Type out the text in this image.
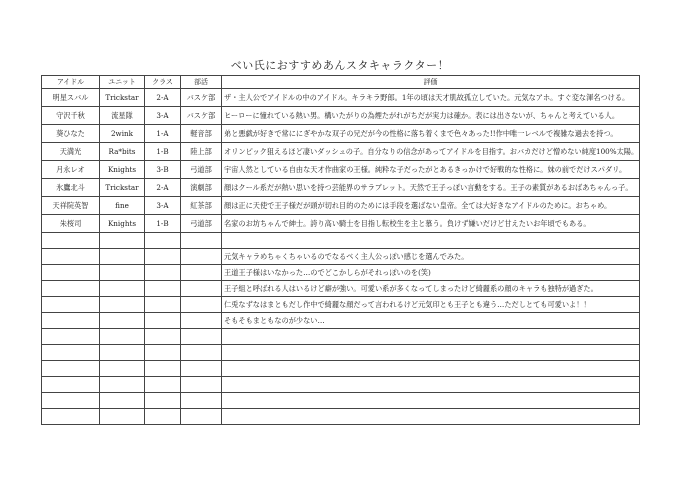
ベい氏におすすめあんスタキャラクター！
アイドル	ユニット	クラス	部活	評価
明星スバル	Trickstar	2-A	バスケ部	ザ・主人公でアイドルの中のアイドル。キラキラ野郎。1年の頃は天才肌故孤立していた。元気なアホ。すぐ変な渾名つける。
守沢千秋	流星隊	3-A	バスケ部	ヒーローに憧れている熱い男。構いたがりの為煙たがれがちだが実力は確か。表には出さないが、ちゃんと考えている人。
葵ひなた	2wink	1-A	軽音部	弟と悪戯が好きで常ににぎやかな双子の兄だが今の性格に落ち着くまで色々あった!!作中唯一レベルで複雑な過去を持つ。
天満光	Ra*bits	1-B	陸上部	オリンピック狙えるほど凄いダッシュの子。自分なりの信念があってアイドルを目指す。おバカだけど憎めない純度100%太陽。
月永レオ	Knights	3-B	弓道部	宇宙人然としている自由な天才作曲家の王様。純粋な子だったがとあるきっかけで好戦的な性格に。妹の前でだけスパダリ。
氷鷹北斗	Trickstar	2-A	演劇部	顔はクール系だが熱い思いを持つ芸能界のサラブレット。天然で王子っぽい言動をする。王子の素質があるおばあちゃんっ子。
天祥院英智	fine	3-A	紅茶部	顔は正に天使で王子様だが頭が切れ目的のためには手段を選ばない皇帝。全ては大好きなアイドルのために。おちゃめ。
朱桜司	Knights	1-B	弓道部	名家のお坊ちゃんで紳士。誇り高い騎士を目指し転校生を主と慕う。負けず嫌いだけど甘えたいお年頃でもある。

				元気キャラめちゃくちゃいるのでなるべく主人公っぽい感じを選んでみた。
				王道王子様はいなかった…のでどこかしらがそれっぽいのを(笑)
				王子組と呼ばれる人はいるけど癖が強い。可愛い系が多くなってしまったけど綺麗系の顔のキャラも独特が過ぎた。
				仁兎なずなはまともだし作中で綺麗な顔だって言われるけど元気印とも王子とも違う…ただしとても可愛いよ！！
				そもそもまともなのが少ない…
